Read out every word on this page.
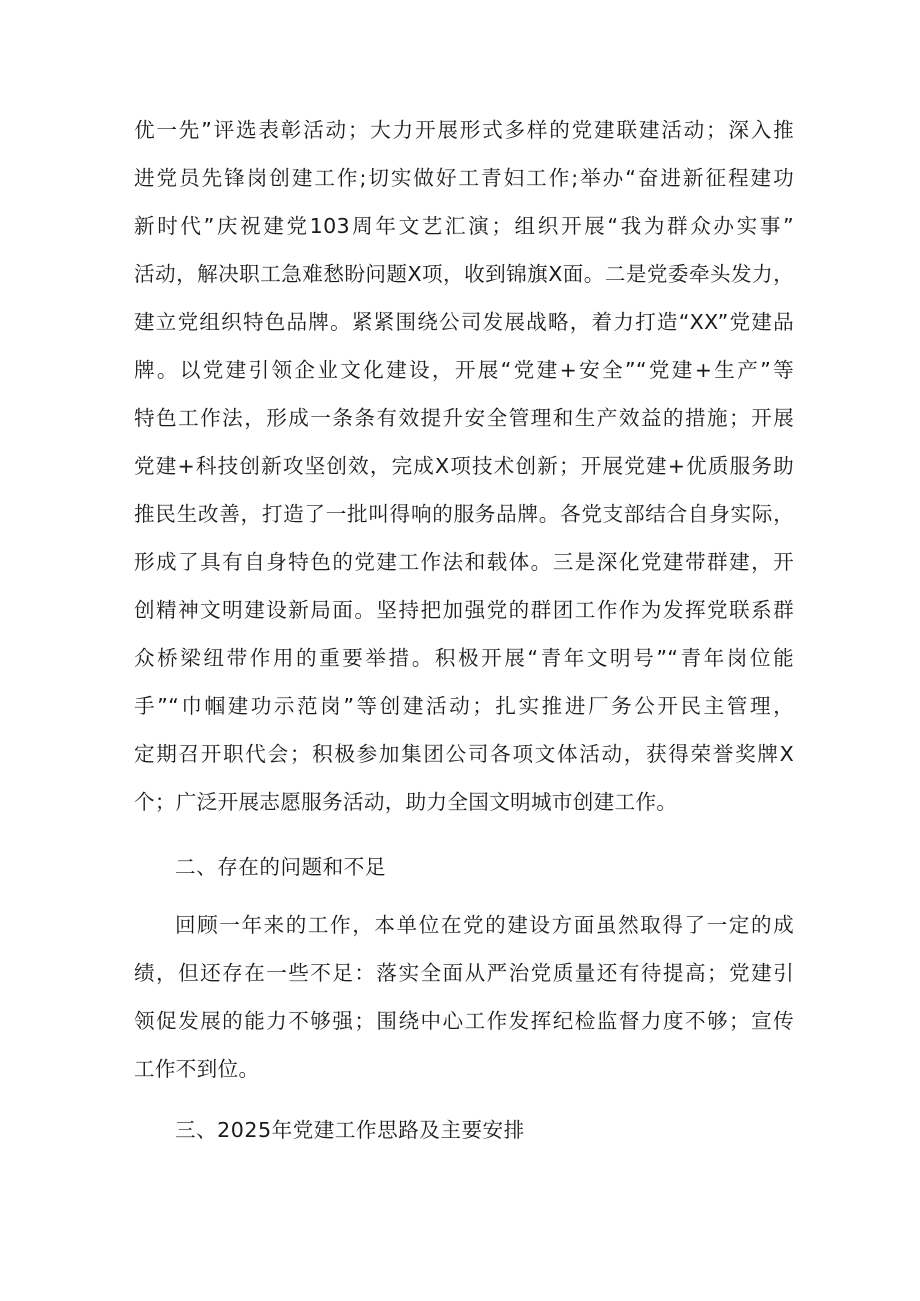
优一先”评选表彰活动；大力开展形式多样的党建联建活动；深入推
进党员先锋岗创建工作;切实做好工青妇工作;举办“奋进新征程建功
新时代”庆祝建党103周年文艺汇演；组织开展“我为群众办实事”
活动，解决职工急难愁盼问题X项，收到锦旗X面。二是党委牵头发力，
建立党组织特色品牌。紧紧围绕公司发展战略，着力打造“XX”党建品
牌。以党建引领企业文化建设，开展“党建+安全”“党建+生产”等
特色工作法，形成一条条有效提升安全管理和生产效益的措施；开展
党建+科技创新攻坚创效，完成X项技术创新；开展党建+优质服务助
推民生改善，打造了一批叫得响的服务品牌。各党支部结合自身实际，
形成了具有自身特色的党建工作法和载体。三是深化党建带群建，开
创精神文明建设新局面。坚持把加强党的群团工作作为发挥党联系群
众桥梁纽带作用的重要举措。积极开展“青年文明号”“青年岗位能
手”“巾帼建功示范岗”等创建活动；扎实推进厂务公开民主管理，
定期召开职代会；积极参加集团公司各项文体活动，获得荣誉奖牌X
个；广泛开展志愿服务活动，助力全国文明城市创建工作。
二、存在的问题和不足
回顾一年来的工作，本单位在党的建设方面虽然取得了一定的成
绩，但还存在一些不足：落实全面从严治党质量还有待提高；党建引
领促发展的能力不够强；围绕中心工作发挥纪检监督力度不够；宣传
工作不到位。
三、2025年党建工作思路及主要安排
